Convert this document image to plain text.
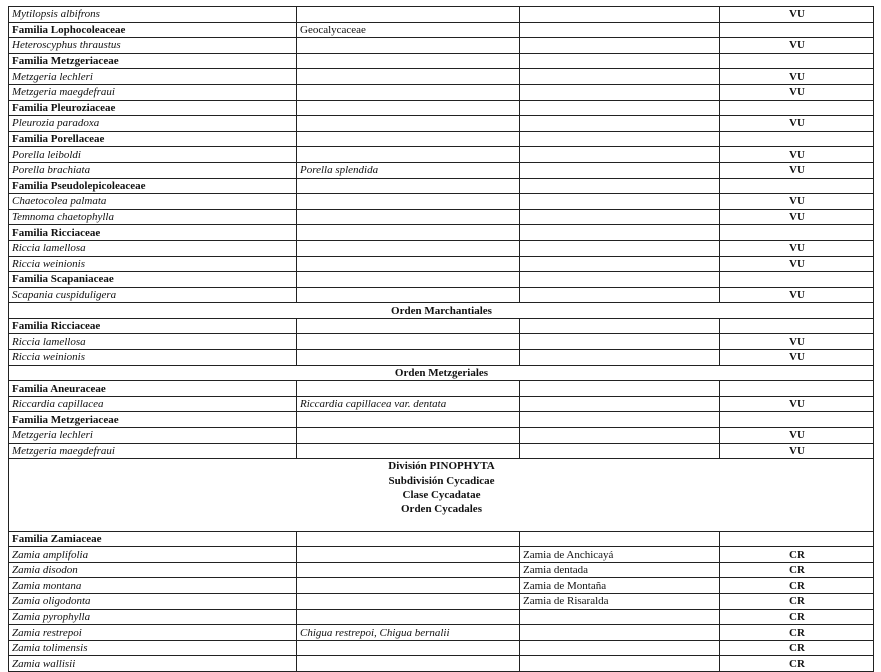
Mytilopsis albifrons			VU
Familia Lophocoleaceae	Geocalycaceae		
Heteroscyphus thraustus			VU
Familia Metzgeriaceae			
Metzgeria lechleri			VU
Metzgeria maegdefraui			VU
Familia Pleuroziaceae			
Pleurozia paradoxa			VU
Familia Porellaceae			
Porella leiboldi			VU
Porella brachiata	Porella splendida		VU
Familia Pseudolepicoleaceae			
Chaetocolea palmata			VU
Temnoma chaetophylla			VU
Familia Ricciaceae			
Riccia lamellosa			VU
Riccia weinionis			VU
Familia Scapaniaceae			
Scapania cuspiduligera			VU
Orden Marchantiales			
Familia Ricciaceae			
Riccia lamellosa			VU
Riccia weinionis			VU
Orden Metzgeriales			
Familia Aneuraceae			
Riccardia capillacea	Riccardia capillacea var. dentata		VU
Familia Metzgeriaceae			
Metzgeria lechleri			VU
Metzgeria maegdefraui			VU

División PINOPHYTA
Subdivisión Cycadicae
Clase Cycadatae
Orden Cycadales			

Familia Zamiaceae			
Zamia amplifolia		Zamia de Anchicayá	CR
Zamia disodon		Zamia dentada	CR
Zamia montana		Zamia de Montaña	CR
Zamia oligodonta		Zamia de Risaralda	CR
Zamia pyrophylla			CR
Zamia restrepoi	Chigua restrepoi, Chigua bernalii		CR
Zamia tolimensis			CR
Zamia wallisii			CR
